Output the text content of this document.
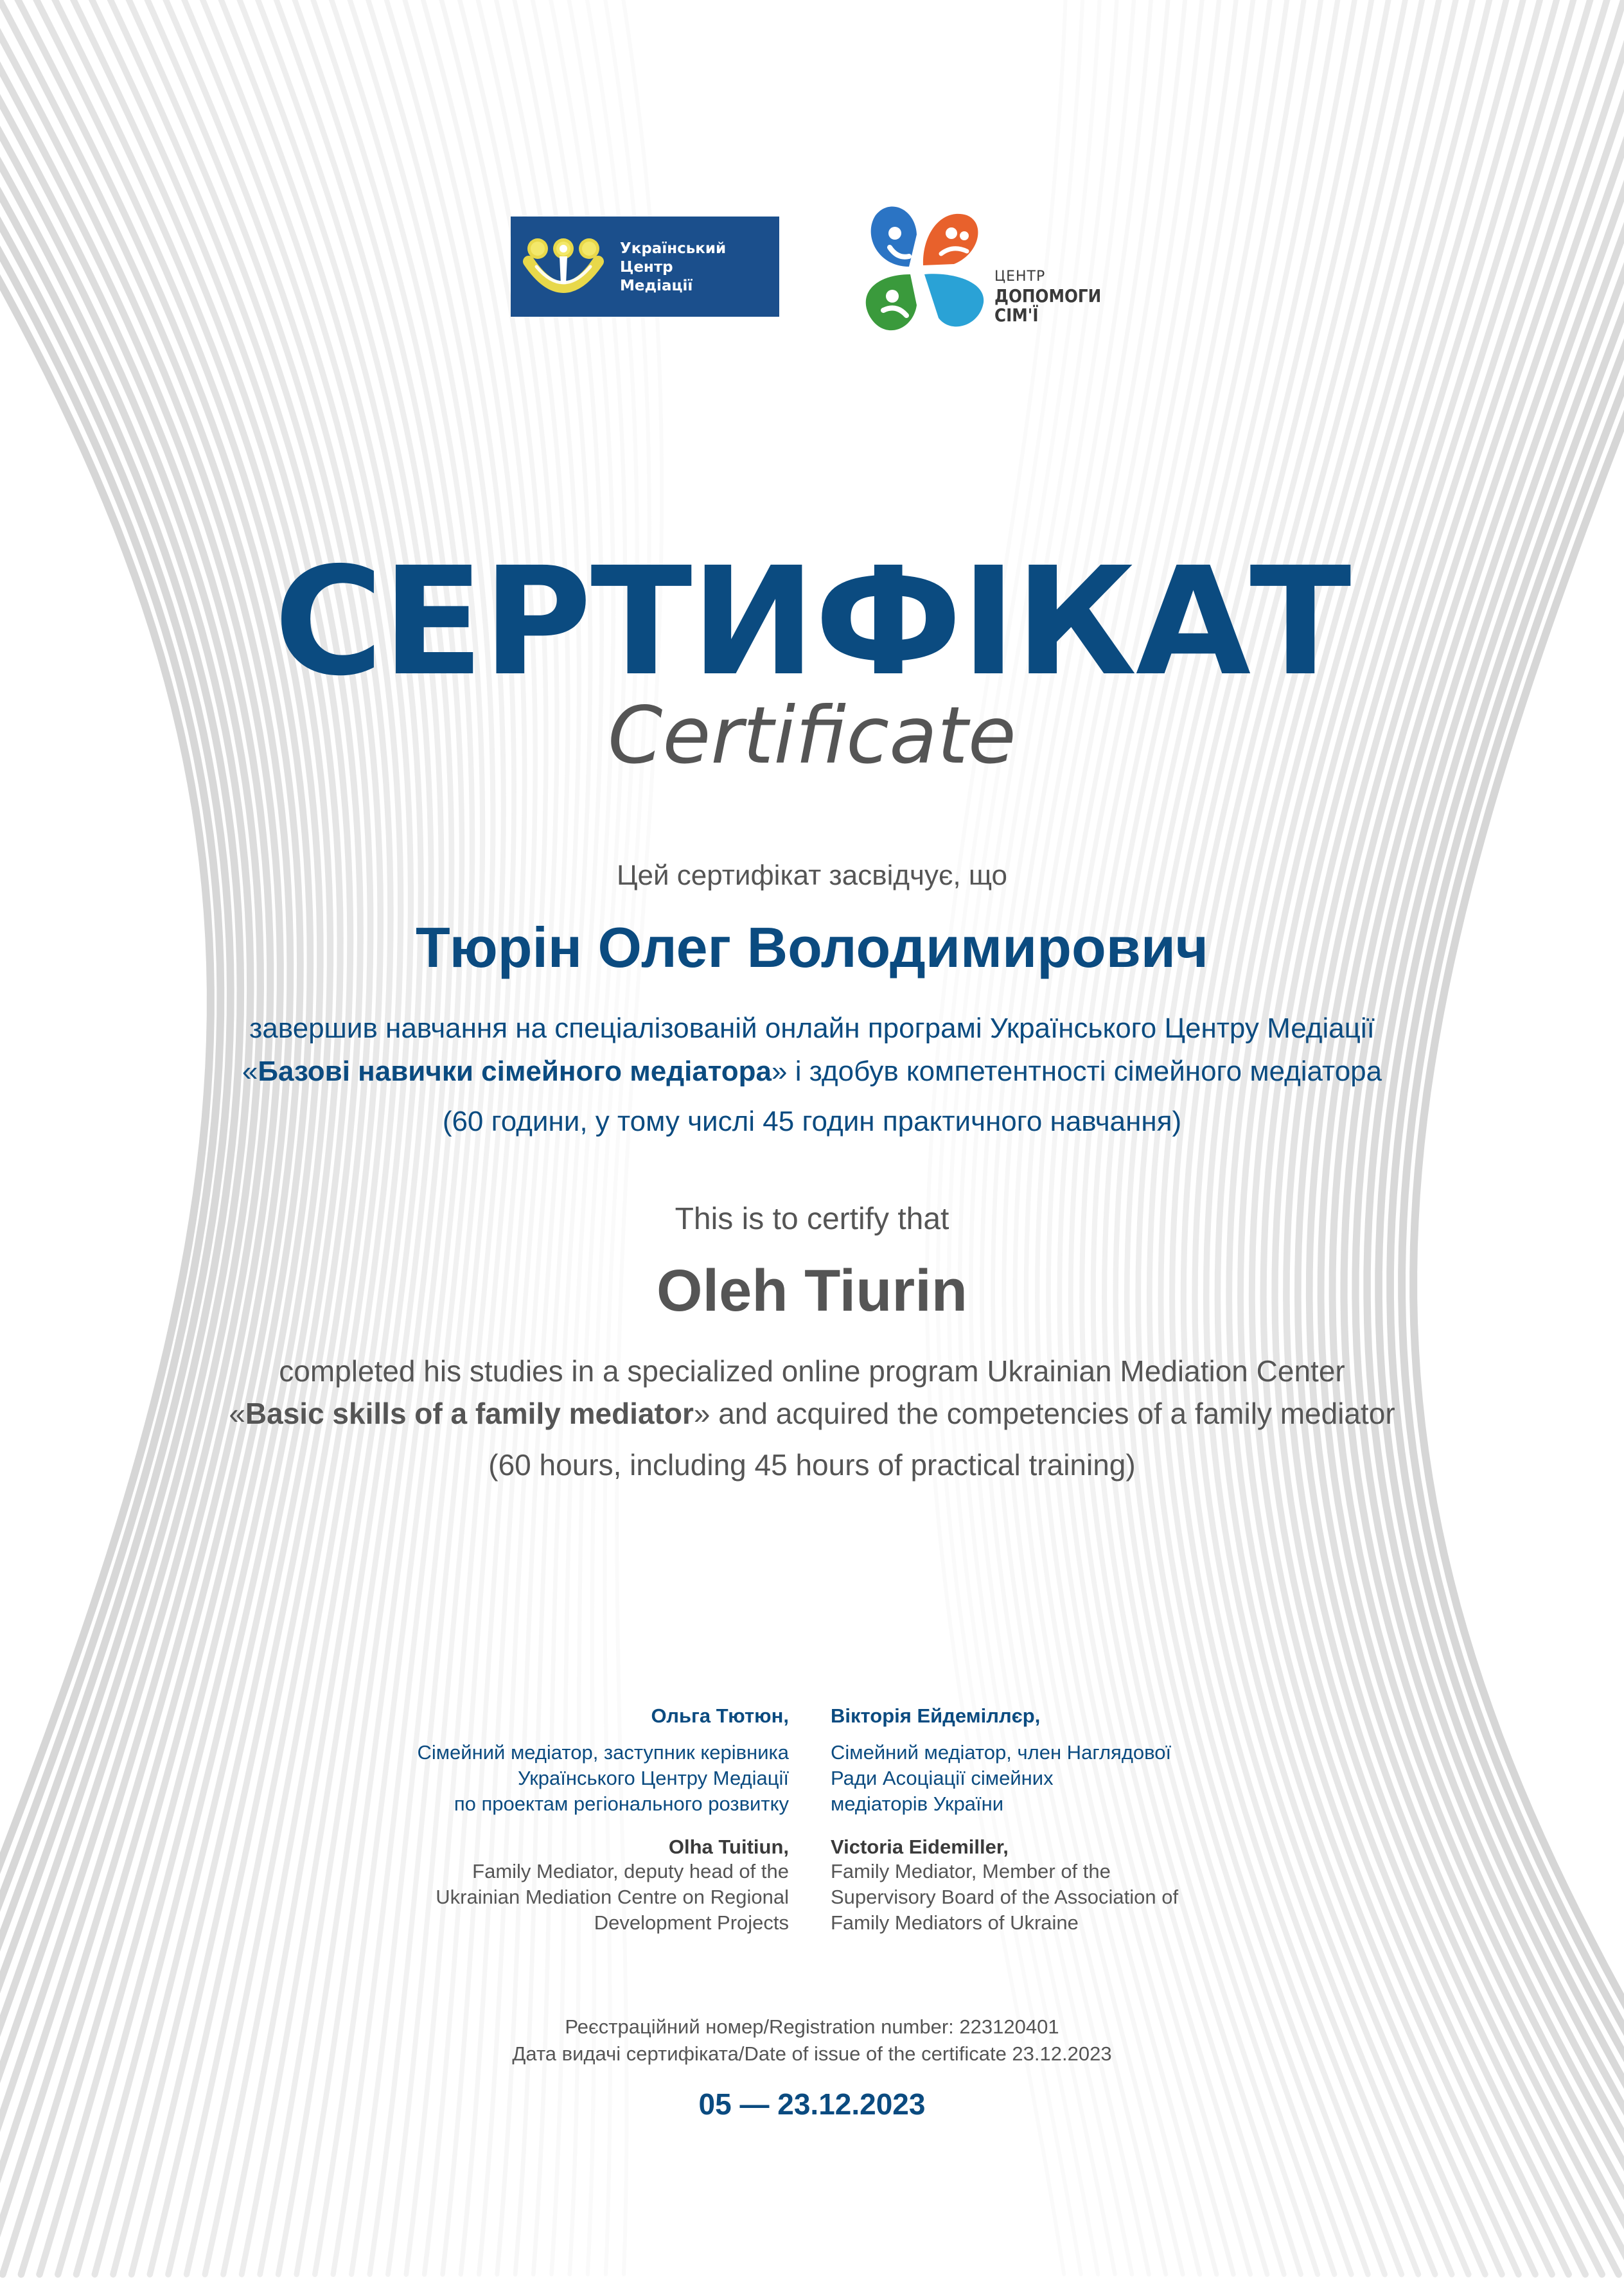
Український
Центр
Медіації
ЦЕНТР
ДОПОМОГИ
СІМ'Ї
СЕРТИФІКАТ
Certificate
Цей сертифікат засвідчує, що
Тюрін Олег Володимирович
завершив навчання на спеціалізованій онлайн програмі Українського Центру Медіації
«Базові навички сімейного медіатора» і здобув компетентності сімейного медіатора
(60 години, у тому числі 45 годин практичного навчання)
This is to certify that
Oleh Tiurin
completed his studies in a specialized online program Ukrainian Mediation Center
«Basic skills of a family mediator» and acquired the competencies of a family mediator
(60 hours, including 45 hours of practical training)
Ольга Тютюн,
Сімейний медіатор, заступник керівника
Українського Центру Медіації
по проектам регіонального розвитку
Olha Tuitiun,
Family Mediator, deputy head of the
Ukrainian Mediation Centre on Regional
Development Projects
Вікторія Ейдеміллєр,
Сімейний медіатор, член Наглядової
Ради Асоціації сімейних
медіаторів України
Victoria Eidemiller,
Family Mediator, Member of the
Supervisory Board of the Association of
Family Mediators of Ukraine
Реєстраційний номер/Registration number: 223120401
Дата видачі сертифіката/Date of issue of the certificate 23.12.2023
05 — 23.12.2023
